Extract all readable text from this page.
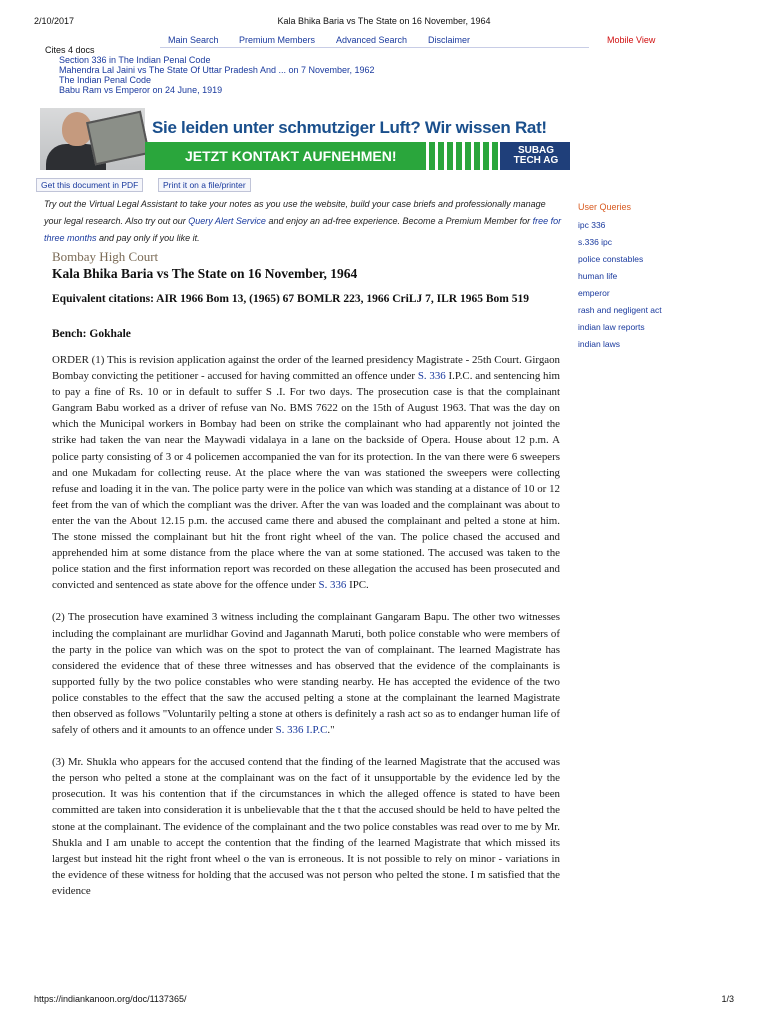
2/10/2017	Kala Bhika Baria vs The State on 16 November, 1964
Main Search Premium Members Advanced Search Disclaimer	Mobile View
Cites 4 docs
Section 336 in The Indian Penal Code
Mahendra Lal Jaini vs The State Of Uttar Pradesh And ... on 7 November, 1962
The Indian Penal Code
Babu Ram vs Emperor on 24 June, 1919
Sie leiden unter schmutziger Luft? Wir wissen Rat!
JETZT KONTAKT AUFNEHMEN!	SUBAG TECH AG
Get this document in PDF	Print it on a file/printer
Try out the Virtual Legal Assistant to take your notes as you use the website, build your case briefs and professionally manage your legal research. Also try out our Query Alert Service and enjoy an ad-free experience. Become a Premium Member for free for three months and pay only if you like it.
Bombay High Court
Kala Bhika Baria vs The State on 16 November, 1964
Equivalent citations: AIR 1966 Bom 13, (1965) 67 BOMLR 223, 1966 CriLJ 7, ILR 1965 Bom 519
Bench: Gokhale

ORDER (1) This is revision application against the order of the learned presidency Magistrate - 25th Court. Girgaon Bombay convicting the petitioner - accused for having committed an offence under S. 336 I.P.C. and sentencing him to pay a fine of Rs. 10 or in default to suffer S .I. For two days. The prosecution case is that the complainant Gangram Babu worked as a driver of refuse van No. BMS 7622 on the 15th of August 1963. That was the day on which the Municipal workers in Bombay had been on strike the complainant who had apparently not jointed the strike had taken the van near the Maywadi vidalaya in a lane on the backside of Opera. House about 12 p.m. A police party consisting of 3 or 4 policemen accompanied the van for its protection. In the van there were 6 sweepers and one Mukadam for collecting reuse. At the place where the van was stationed the sweepers were collecting refuse and loading it in the van. The police party were in the police van which was standing at a distance of 10 or 12 feet from the van of which the compliant was the driver. After the van was loaded and the complainant was about to enter the van the About 12.15 p.m. the accused came there and abused the complainant and pelted a stone at him. The stone missed the complainant but hit the front right wheel of the van. The police chased the accused and apprehended him at some distance from the place where the van at some stationed. The accused was taken to the police station and the first information report was recorded on these allegation the accused has been prosecuted and convicted and sentenced as state above for the offence under S. 336 IPC.

(2) The prosecution have examined 3 witness including the complainant Gangaram Bapu. The other two witnesses including the complainant are murlidhar Govind and Jagannath Maruti, both police constable who were members of the party in the police van which was on the spot to protect the van of complainant. The learned Magistrate has considered the evidence that of these three witnesses and has observed that the evidence of the complainants is supported fully by the two police constables who were standing nearby. He has accepted the evidence of the two police constables to the effect that the saw the accused pelting a stone at the complainant the learned Magistrate then observed as follows "Voluntarily pelting a stone at others is definitely a rash act so as to endanger human life of safely of others and it amounts to an offence under S. 336 I.P.C."

(3) Mr. Shukla who appears for the accused contend that the finding of the learned Magistrate that the accused was the person who pelted a stone at the complainant was on the fact of it unsupportable by the evidence led by the prosecution. It was his contention that if the circumstances in which the alleged offence is stated to have been committed are taken into consideration it is unbelievable that the t that the accused should be held to have pelted the stone at the complainant. The evidence of the complainant and the two police constables was read over to me by Mr. Shukla and I am unable to accept the contention that the finding of the learned Magistrate that which missed its largest but instead hit the right front wheel o the van is erroneous. It is not possible to rely on minor - variations in the evidence of these witness for holding that the accused was not person who pelted the stone. I m satisfied that the evidence

User Queries
ipc 336
s.336 ipc
police constables
human life
emperor
rash and negligent act
indian law reports
indian laws
https://indiankanoon.org/doc/1137365/	1/3
